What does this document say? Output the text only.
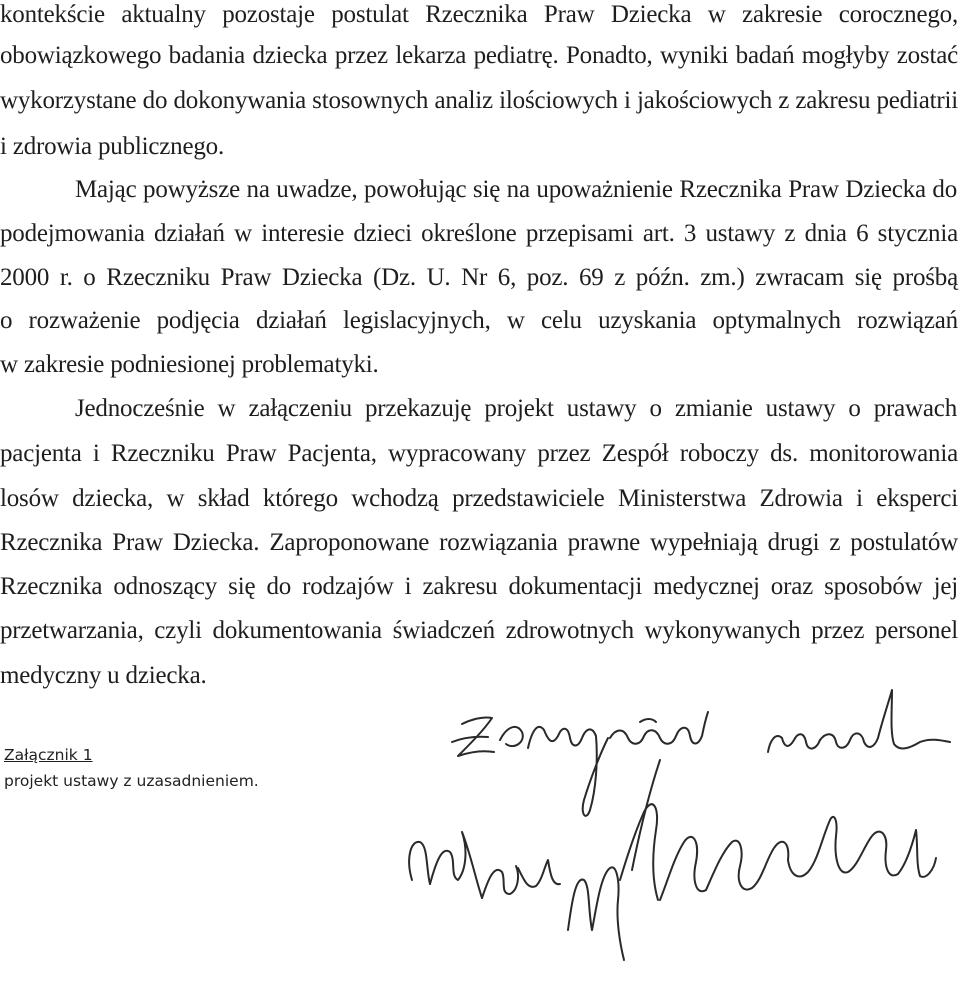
kontekście aktualny pozostaje postulat Rzecznika Praw Dziecka w zakresie corocznego,
obowiązkowego badania dziecka przez lekarza pediatrę. Ponadto, wyniki badań mogłyby zostać
wykorzystane do dokonywania stosownych analiz ilościowych i jakościowych z zakresu pediatrii
i zdrowia publicznego.
Mając powyższe na uwadze, powołując się na upoważnienie Rzecznika Praw Dziecka do
podejmowania działań w interesie dzieci określone przepisami art. 3 ustawy z dnia 6 stycznia
2000 r. o Rzeczniku Praw Dziecka (Dz. U. Nr 6, poz. 69 z późn. zm.) zwracam się prośbą
o rozważenie podjęcia działań legislacyjnych, w celu uzyskania optymalnych rozwiązań
w zakresie podniesionej problematyki.
Jednocześnie w załączeniu przekazuję projekt ustawy o zmianie ustawy o prawach
pacjenta i Rzeczniku Praw Pacjenta, wypracowany przez Zespół roboczy ds. monitorowania
losów dziecka, w skład którego wchodzą przedstawiciele Ministerstwa Zdrowia i eksperci
Rzecznika Praw Dziecka. Zaproponowane rozwiązania prawne wypełniają drugi z postulatów
Rzecznika odnoszący się do rodzajów i zakresu dokumentacji medycznej oraz sposobów jej
przetwarzania, czyli dokumentowania świadczeń zdrowotnych wykonywanych przez personel
medyczny u dziecka.
Załącznik 1
projekt ustawy z uzasadnieniem.
